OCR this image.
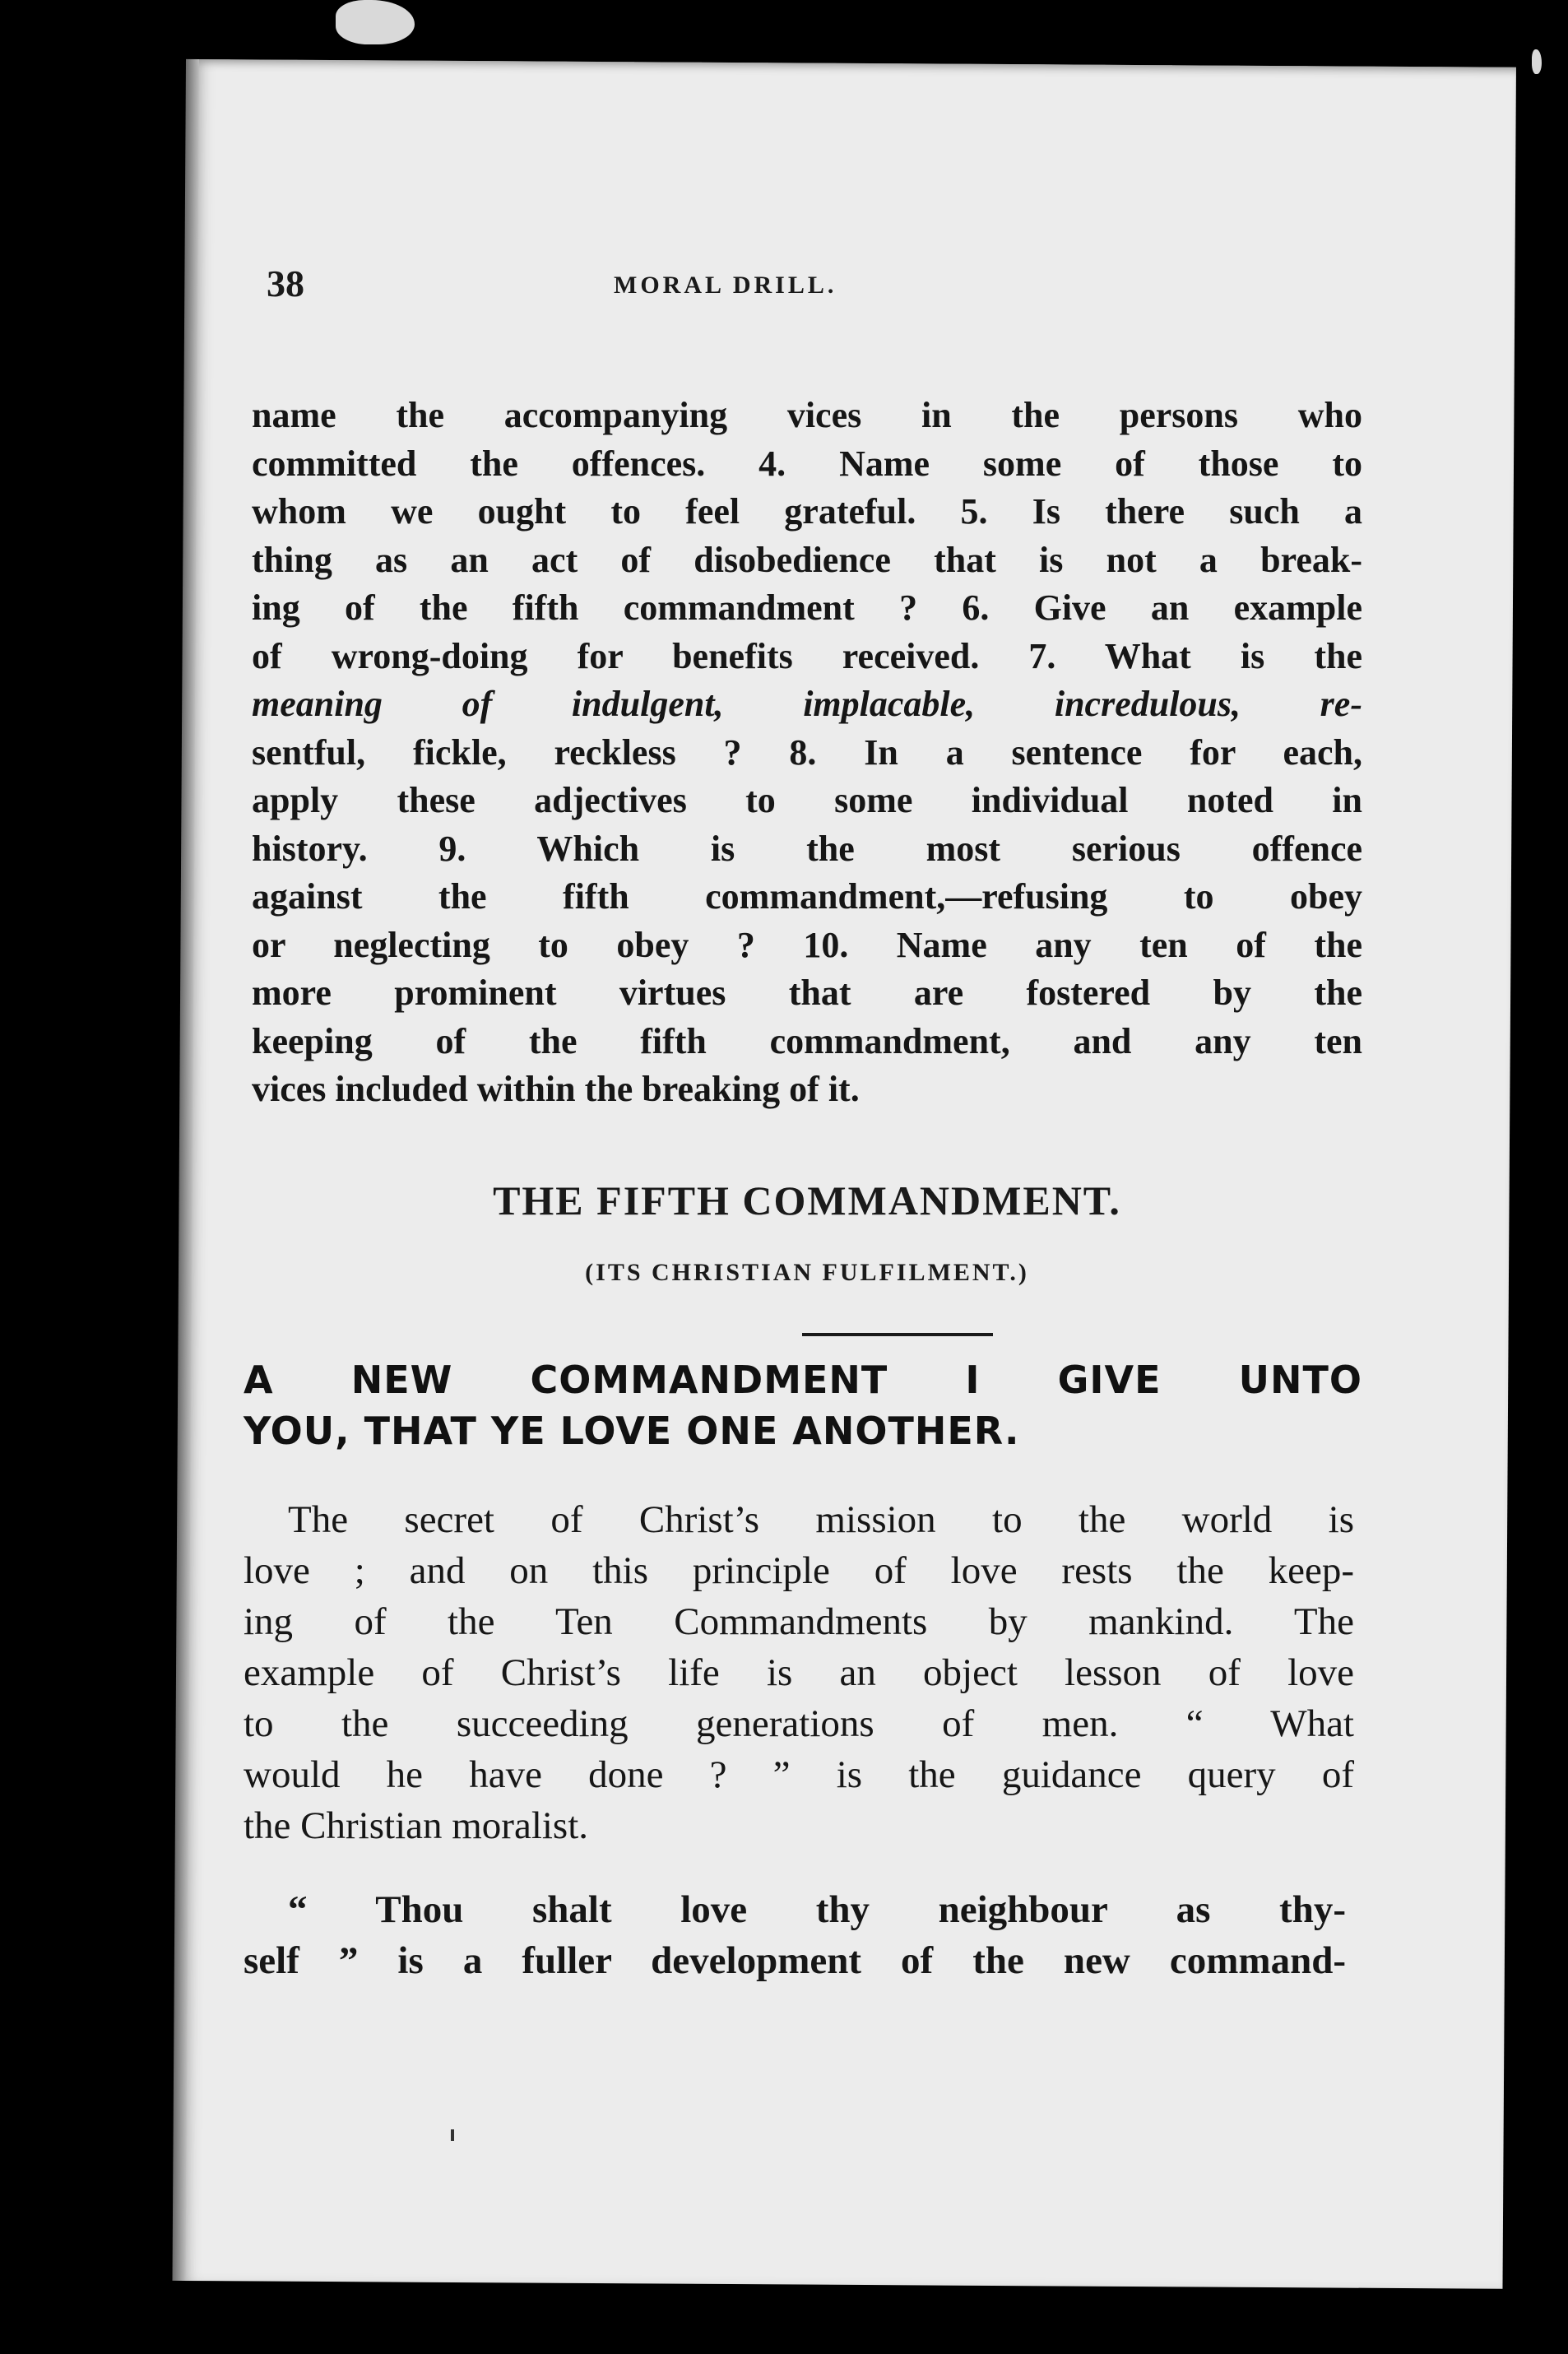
38	MORAL DRILL.

name the accompanying vices in the persons who
committed the offences. 4. Name some of those to
whom we ought to feel grateful. 5. Is there such a
thing as an act of disobedience that is not a break-
ing of the fifth commandment ? 6. Give an example
of wrong-doing for benefits received. 7. What is the
meaning of indulgent, implacable, incredulous, re-
sentful, fickle, reckless ? 8. In a sentence for each,
apply these adjectives to some individual noted in
history. 9. Which is the most serious offence
against the fifth commandment,—refusing to obey
or neglecting to obey ? 10. Name any ten of the
more prominent virtues that are fostered by the
keeping of the fifth commandment, and any ten
vices included within the breaking of it.

THE FIFTH COMMANDMENT.
(ITS CHRISTIAN FULFILMENT.)
A NEW COMMANDMENT I GIVE UNTO
YOU, THAT YE LOVE ONE ANOTHER.

The secret of Christ’s mission to the world is
love ; and on this principle of love rests the keep-
ing of the Ten Commandments by mankind. The
example of Christ’s life is an object lesson of love
to the succeeding generations of men. “ What
would he have done ? ” is the guidance query of
the Christian moralist.

“ Thou shalt love thy neighbour as thy-
self ” is a fuller development of the new command-
